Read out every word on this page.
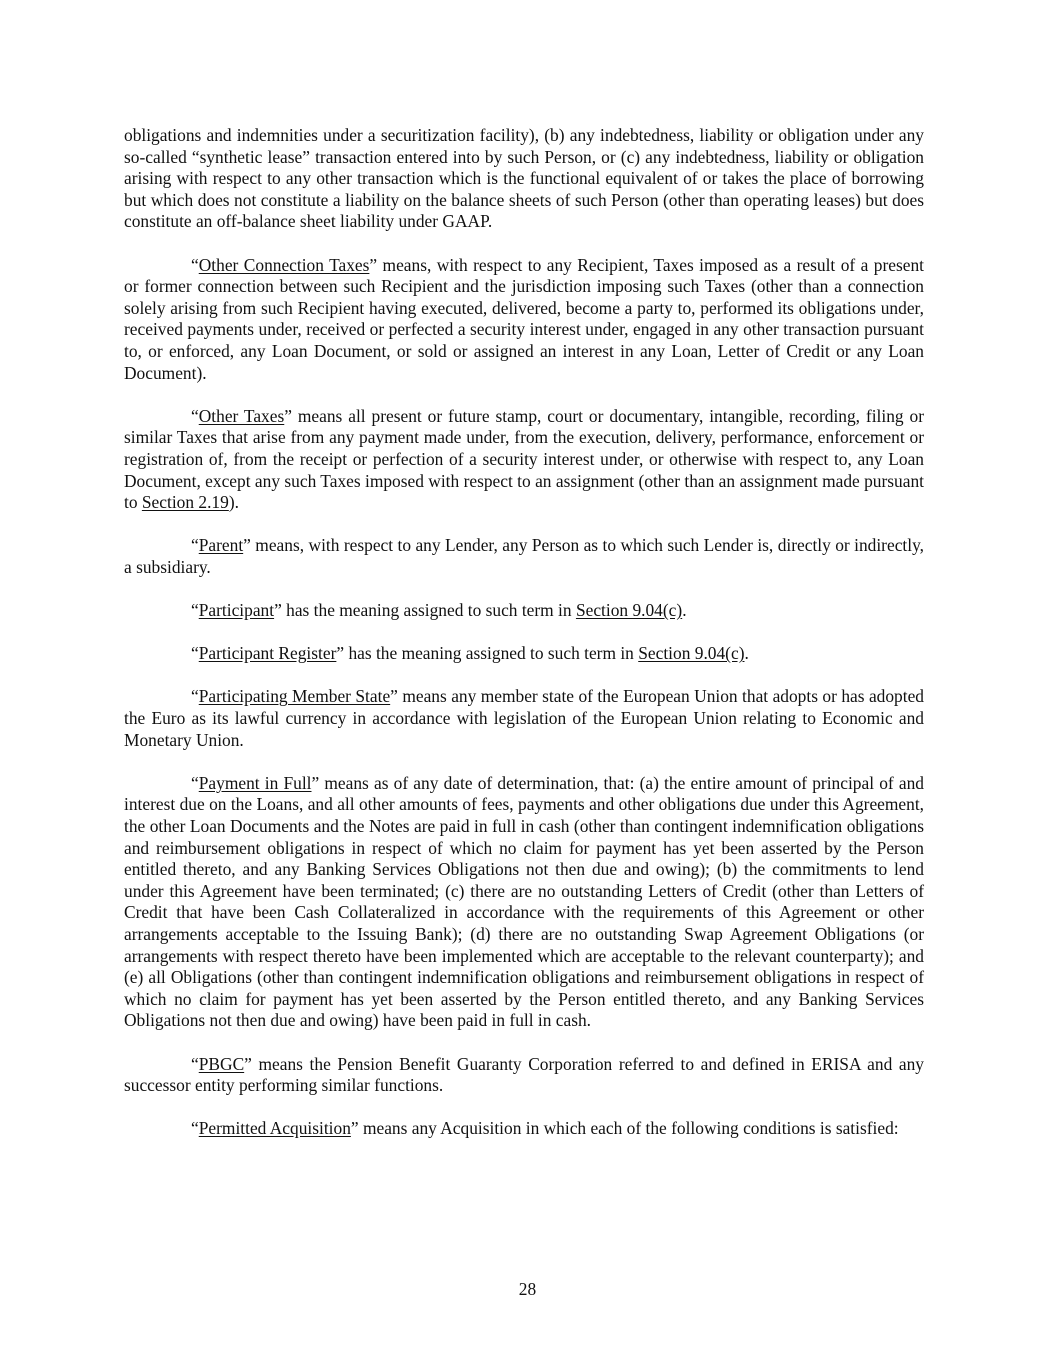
obligations and indemnities under a securitization facility), (b) any indebtedness, liability or obligation under any so-called “synthetic lease” transaction entered into by such Person, or (c) any indebtedness, liability or obligation arising with respect to any other transaction which is the functional equivalent of or takes the place of borrowing but which does not constitute a liability on the balance sheets of such Person (other than operating leases) but does constitute an off-balance sheet liability under GAAP.

“Other Connection Taxes” means, with respect to any Recipient, Taxes imposed as a result of a present or former connection between such Recipient and the jurisdiction imposing such Taxes (other than a connection solely arising from such Recipient having executed, delivered, become a party to, performed its obligations under, received payments under, received or perfected a security interest under, engaged in any other transaction pursuant to, or enforced, any Loan Document, or sold or assigned an interest in any Loan, Letter of Credit or any Loan Document).

“Other Taxes” means all present or future stamp, court or documentary, intangible, recording, filing or similar Taxes that arise from any payment made under, from the execution, delivery, performance, enforcement or registration of, from the receipt or perfection of a security interest under, or otherwise with respect to, any Loan Document, except any such Taxes imposed with respect to an assignment (other than an assignment made pursuant to Section 2.19).

“Parent” means, with respect to any Lender, any Person as to which such Lender is, directly or indirectly, a subsidiary.

“Participant” has the meaning assigned to such term in Section 9.04(c).

“Participant Register” has the meaning assigned to such term in Section 9.04(c).

“Participating Member State” means any member state of the European Union that adopts or has adopted the Euro as its lawful currency in accordance with legislation of the European Union relating to Economic and Monetary Union.

“Payment in Full” means as of any date of determination, that: (a) the entire amount of principal of and interest due on the Loans, and all other amounts of fees, payments and other obligations due under this Agreement, the other Loan Documents and the Notes are paid in full in cash (other than contingent indemnification obligations and reimbursement obligations in respect of which no claim for payment has yet been asserted by the Person entitled thereto, and any Banking Services Obligations not then due and owing); (b) the commitments to lend under this Agreement have been terminated; (c) there are no outstanding Letters of Credit (other than Letters of Credit that have been Cash Collateralized in accordance with the requirements of this Agreement or other arrangements acceptable to the Issuing Bank); (d) there are no outstanding Swap Agreement Obligations (or arrangements with respect thereto have been implemented which are acceptable to the relevant counterparty); and (e) all Obligations (other than contingent indemnification obligations and reimbursement obligations in respect of which no claim for payment has yet been asserted by the Person entitled thereto, and any Banking Services Obligations not then due and owing) have been paid in full in cash.

“PBGC” means the Pension Benefit Guaranty Corporation referred to and defined in ERISA and any successor entity performing similar functions.

“Permitted Acquisition” means any Acquisition in which each of the following conditions is satisfied:

28
